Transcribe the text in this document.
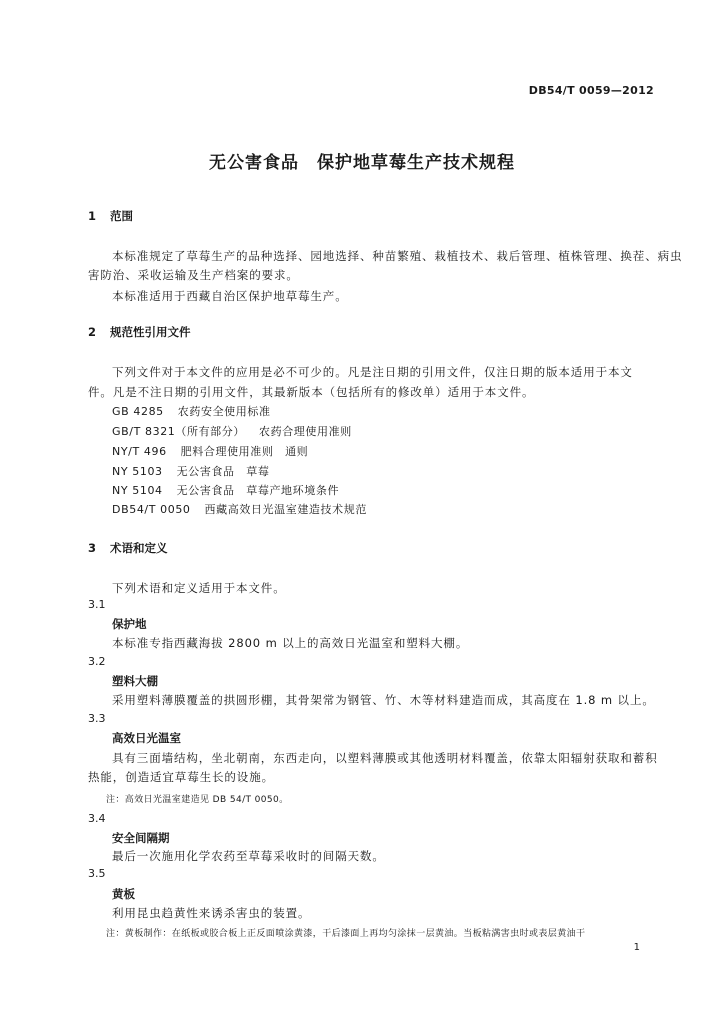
DB54/T 0059—2012
无公害食品 保护地草莓生产技术规程
1 范围
本标准规定了草莓生产的品种选择、园地选择、种苗繁殖、栽植技术、栽后管理、植株管理、换茬、病虫
害防治、采收运输及生产档案的要求。
本标准适用于西藏自治区保护地草莓生产。
2 规范性引用文件
下列文件对于本文件的应用是必不可少的。凡是注日期的引用文件，仅注日期的版本适用于本文
件。凡是不注日期的引用文件，其最新版本（包括所有的修改单）适用于本文件。
GB 4285 农药安全使用标准
GB/T 8321（所有部分） 农药合理使用准则
NY/T 496 肥料合理使用准则　通则
NY 5103 无公害食品　草莓
NY 5104 无公害食品　草莓产地环境条件
DB54/T 0050 西藏高效日光温室建造技术规范
3 术语和定义
下列术语和定义适用于本文件。
3.1
保护地
本标准专指西藏海拔 2800 m 以上的高效日光温室和塑料大棚。
3.2
塑料大棚
采用塑料薄膜覆盖的拱圆形棚，其骨架常为钢管、竹、木等材料建造而成，其高度在 1.8 m 以上。
3.3
高效日光温室
具有三面墙结构，坐北朝南，东西走向，以塑料薄膜或其他透明材料覆盖，依靠太阳辐射获取和蓄积
热能，创造适宜草莓生长的设施。
注：高效日光温室建造见 DB 54/T 0050。
3.4
安全间隔期
最后一次施用化学农药至草莓采收时的间隔天数。
3.5
黄板
利用昆虫趋黄性来诱杀害虫的装置。
注：黄板制作：在纸板或胶合板上正反面喷涂黄漆，干后漆面上再均匀涂抹一层黄油。当板粘满害虫时或表层黄油干
1
